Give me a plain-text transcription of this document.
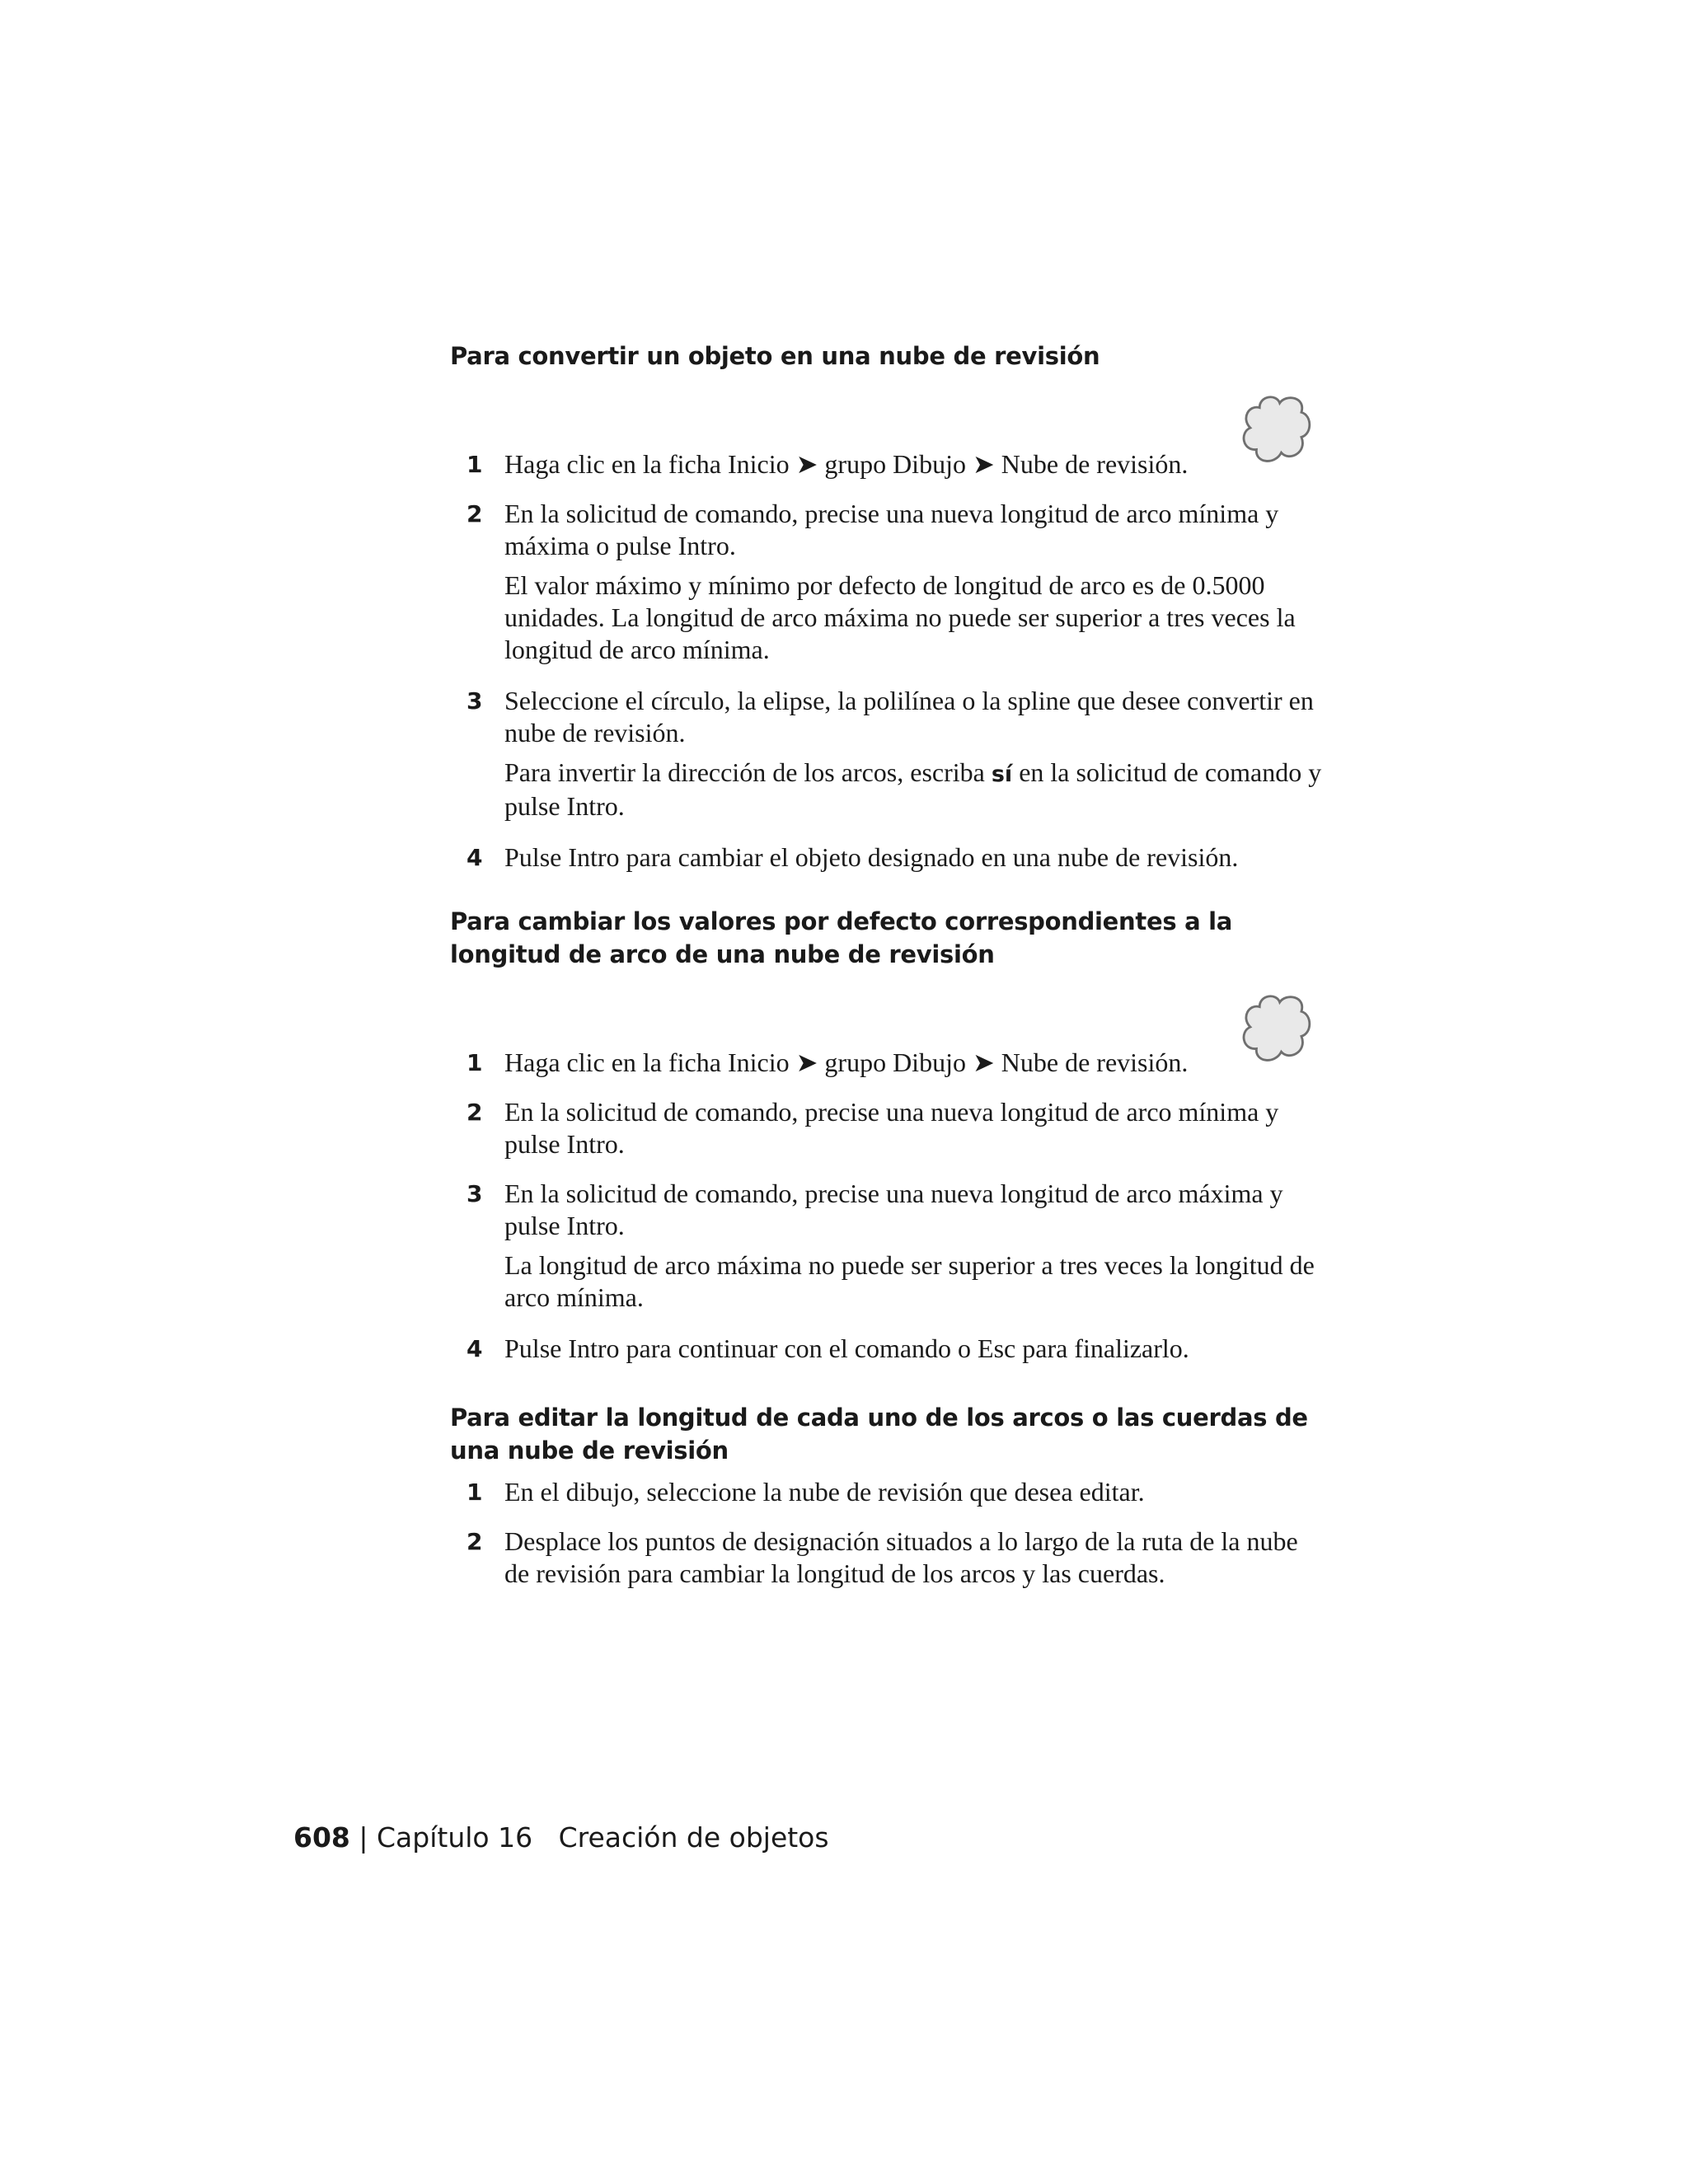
Para convertir un objeto en una nube de revisión
1 Haga clic en la ficha Inicio ➤ grupo Dibujo ➤ Nube de revisión.

2 En la solicitud de comando, precise una nueva longitud de arco mínima y máxima o pulse Intro.

El valor máximo y mínimo por defecto de longitud de arco es de 0.5000 unidades. La longitud de arco máxima no puede ser superior a tres veces la longitud de arco mínima.

3 Seleccione el círculo, la elipse, la polilínea o la spline que desee convertir en nube de revisión.

Para invertir la dirección de los arcos, escriba sí en la solicitud de comando y pulse Intro.

4 Pulse Intro para cambiar el objeto designado en una nube de revisión.

Para cambiar los valores por defecto correspondientes a la longitud de arco de una nube de revisión
1 Haga clic en la ficha Inicio ➤ grupo Dibujo ➤ Nube de revisión.

2 En la solicitud de comando, precise una nueva longitud de arco mínima y pulse Intro.

3 En la solicitud de comando, precise una nueva longitud de arco máxima y pulse Intro.

La longitud de arco máxima no puede ser superior a tres veces la longitud de arco mínima.

4 Pulse Intro para continuar con el comando o Esc para finalizarlo.

Para editar la longitud de cada uno de los arcos o las cuerdas de una nube de revisión
1 En el dibujo, seleccione la nube de revisión que desea editar.

2 Desplace los puntos de designación situados a lo largo de la ruta de la nube de revisión para cambiar la longitud de los arcos y las cuerdas.

608 | Capítulo 16 Creación de objetos
